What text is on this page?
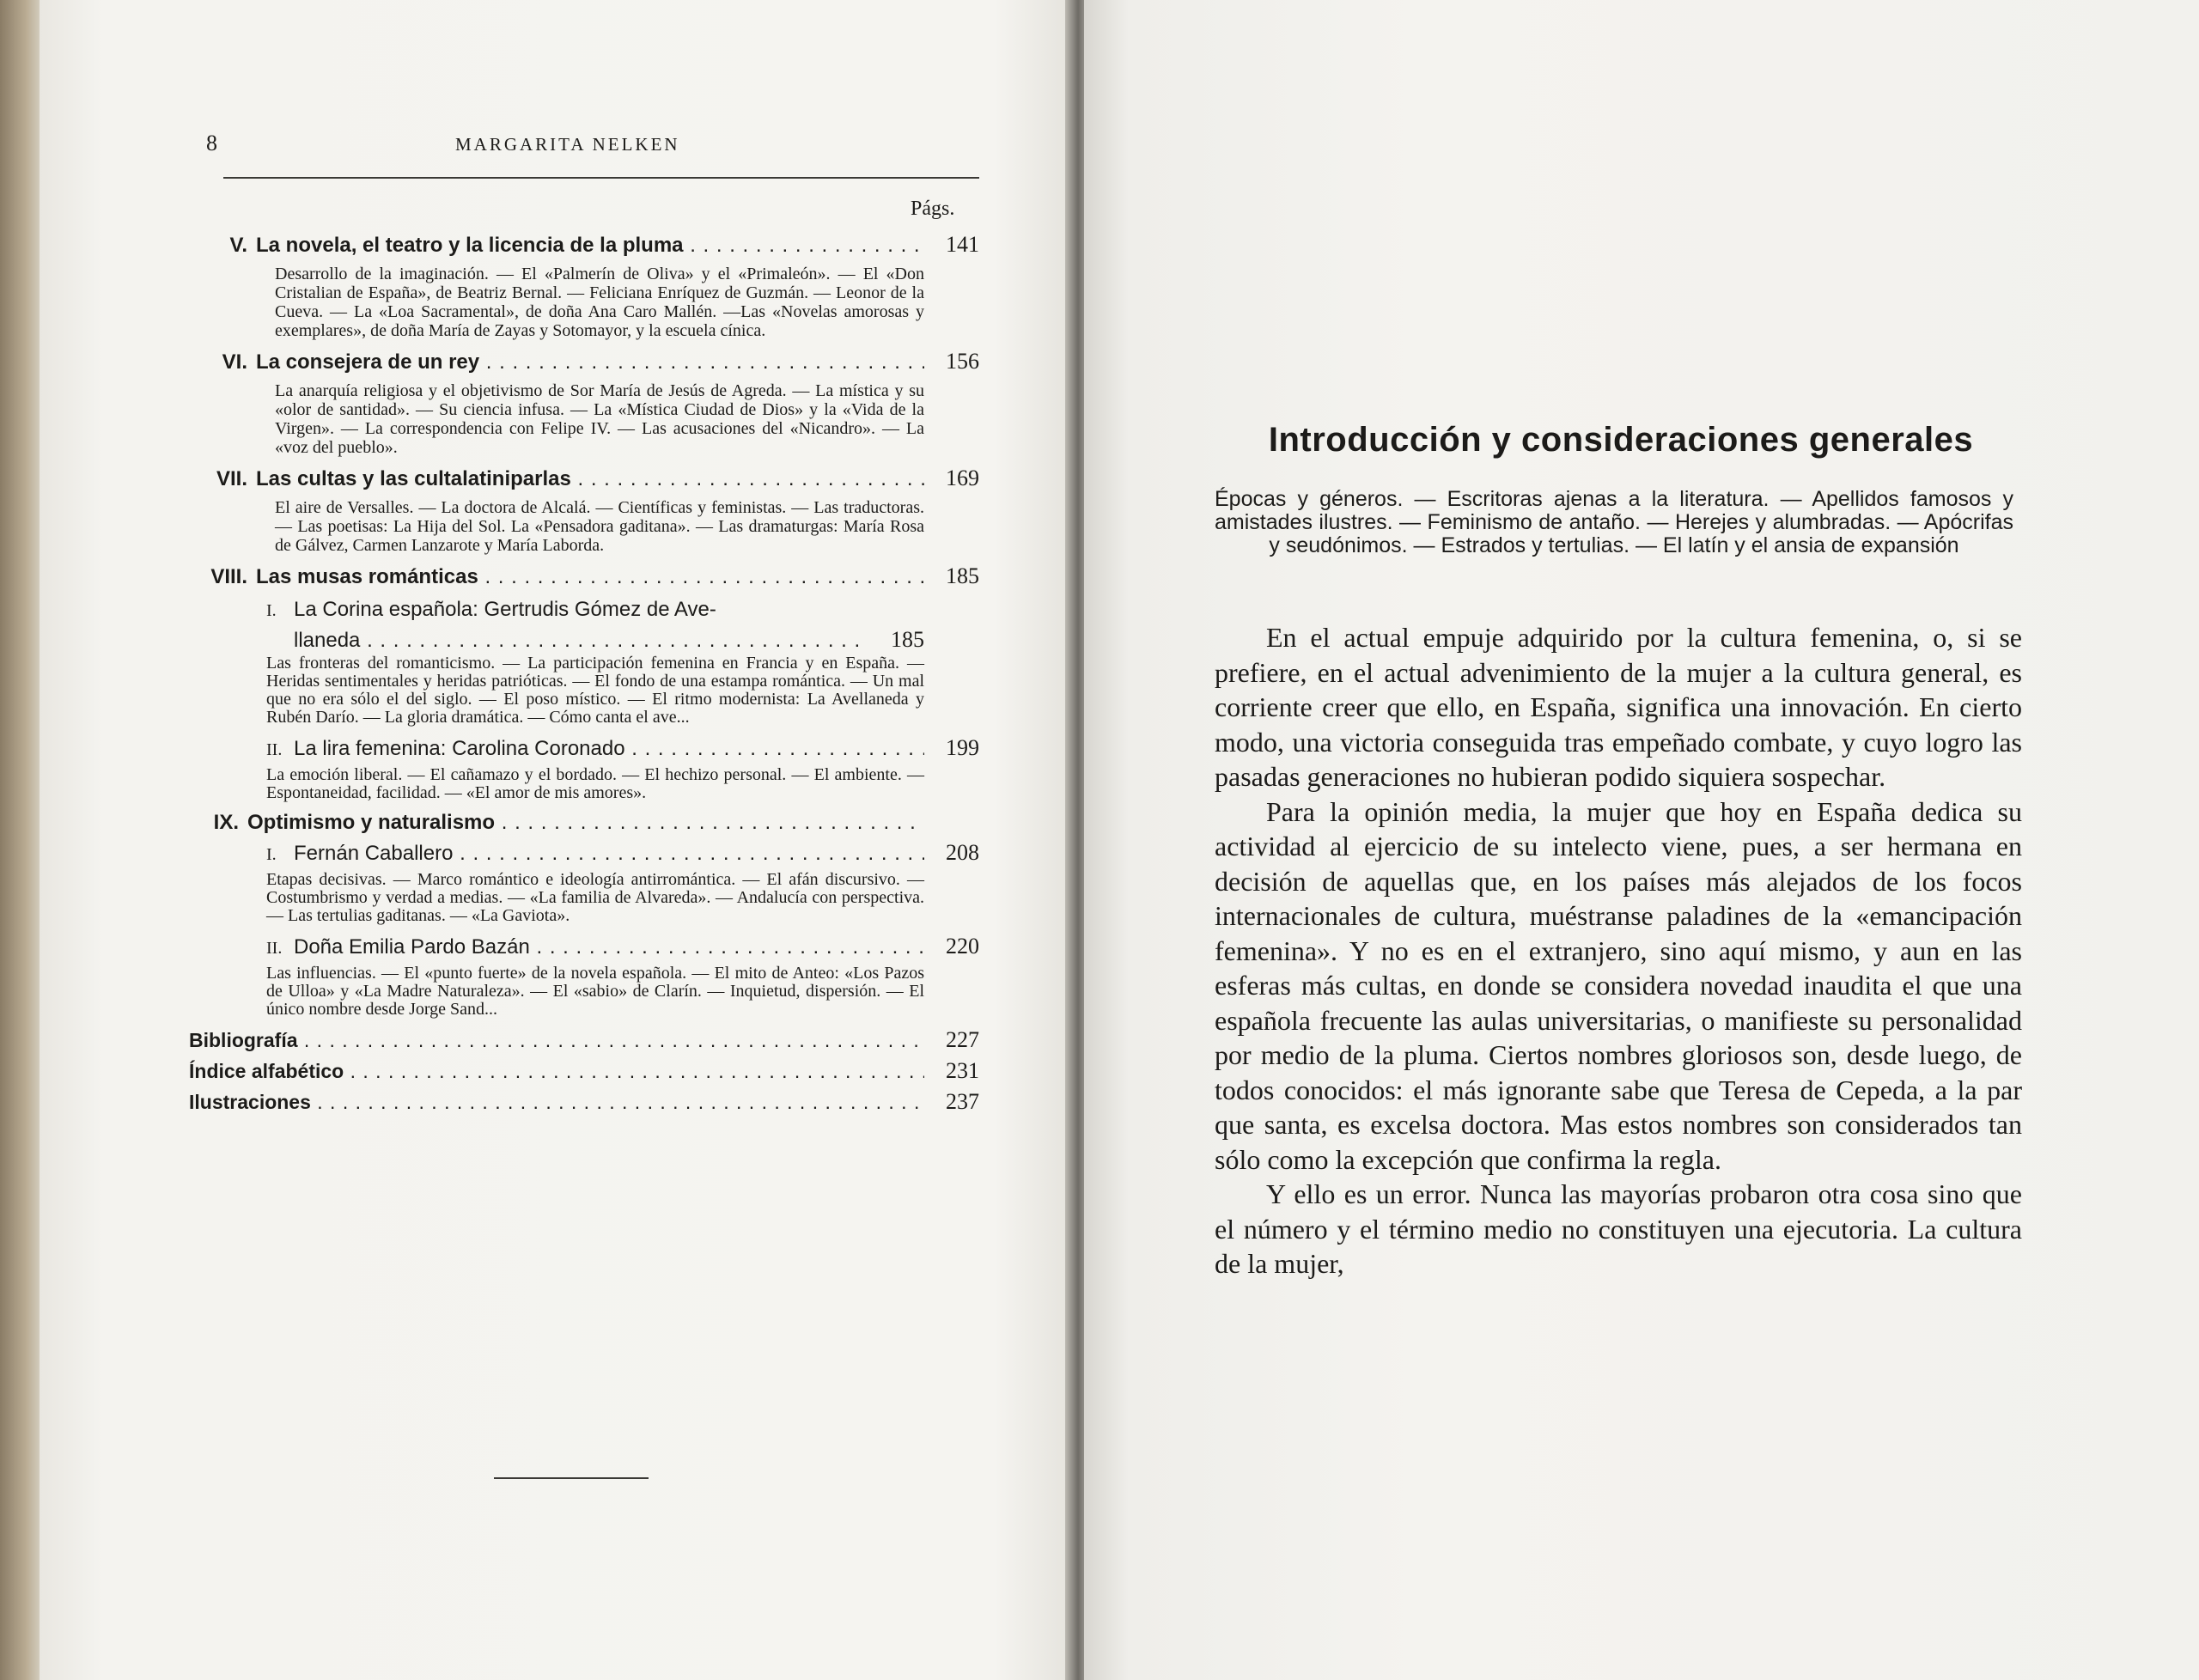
8	MARGARITA NELKEN
Págs.
V. La novela, el teatro y la licencia de la pluma . . .	141
Desarrollo de la imaginación. — El «Palmerín de Oliva» y el «Primaleón». — El «Don Cristalian de España», de Beatriz Bernal. — Feliciana Enríquez de Guzmán. — Leonor de la Cueva. — La «Loa Sacramental», de doña Ana Caro Mallén. —Las «Novelas amorosas y exemplares», de doña María de Zayas y Sotomayor, y la escuela cínica.
VI. La consejera de un rey . . .	156
La anarquía religiosa y el objetivismo de Sor María de Jesús de Agreda. — La mística y su «olor de santidad». — Su ciencia infusa. — La «Mística Ciudad de Dios» y la «Vida de la Virgen». — La correspondencia con Felipe IV. — Las acusaciones del «Nicandro». — La «voz del pueblo».
VII. Las cultas y las cultalatiniparlas . . .	169
El aire de Versalles. — La doctora de Alcalá. — Científicas y feministas. — Las traductoras. — Las poetisas: La Hija del Sol. La «Pensadora gaditana». — Las dramaturgas: María Rosa de Gálvez, Carmen Lanzarote y María Laborda.
VIII. Las musas románticas . . .	185
I. La Corina española: Gertrudis Gómez de Ave-
llaneda . . .	185
Las fronteras del romanticismo. — La participación femenina en Francia y en España. — Heridas sentimentales y heridas patrióticas. — El fondo de una estampa romántica. — Un mal que no era sólo el del siglo. — El poso místico. — El ritmo modernista: La Avellaneda y Rubén Darío. — La gloria dramática. — Cómo canta el ave...
II. La lira femenina: Carolina Coronado . . .	199
La emoción liberal. — El cañamazo y el bordado. — El hechizo personal. — El ambiente. — Espontaneidad, facilidad. — «El amor de mis amores».
IX. Optimismo y naturalismo . . .
I. Fernán Caballero . . .	208
Etapas decisivas. — Marco romántico e ideología antirromántica. — El afán discursivo. — Costumbrismo y verdad a medias. — «La familia de Alvareda». — Andalucía con perspectiva. — Las tertulias gaditanas. — «La Gaviota».
II. Doña Emilia Pardo Bazán . . .	220
Las influencias. — El «punto fuerte» de la novela española. — El mito de Anteo: «Los Pazos de Ulloa» y «La Madre Naturaleza». — El «sabio» de Clarín. — Inquietud, dispersión. — El único nombre desde Jorge Sand...
Bibliografía . . .	227
Índice alfabético . . .	231
Ilustraciones . . .	237
Introducción y consideraciones generales
Épocas y géneros. — Escritoras ajenas a la literatura. — Apellidos famosos y amistades ilustres. — Feminismo de antaño. — Herejes y alumbradas. — Apócrifas y seudónimos. — Estrados y tertulias. — El latín y el ansia de expansión

En el actual empuje adquirido por la cultura femenina, o, si se prefiere, en el actual advenimiento de la mujer a la cultura general, es corriente creer que ello, en España, significa una innovación. En cierto modo, una victoria conseguida tras empeñado combate, y cuyo logro las pasadas generaciones no hubieran podido siquiera sospechar.

Para la opinión media, la mujer que hoy en España dedica su actividad al ejercicio de su intelecto viene, pues, a ser hermana en decisión de aquellas que, en los países más alejados de los focos internacionales de cultura, muéstranse paladines de la «emancipación femenina». Y no es en el extranjero, sino aquí mismo, y aun en las esferas más cultas, en donde se considera novedad inaudita el que una española frecuente las aulas universitarias, o manifieste su personalidad por medio de la pluma. Ciertos nombres gloriosos son, desde luego, de todos conocidos: el más ignorante sabe que Teresa de Cepeda, a la par que santa, es excelsa doctora. Mas estos nombres son considerados tan sólo como la excepción que confirma la regla.

Y ello es un error. Nunca las mayorías probaron otra cosa sino que el número y el término medio no constituyen una ejecutoria. La cultura de la mujer,
